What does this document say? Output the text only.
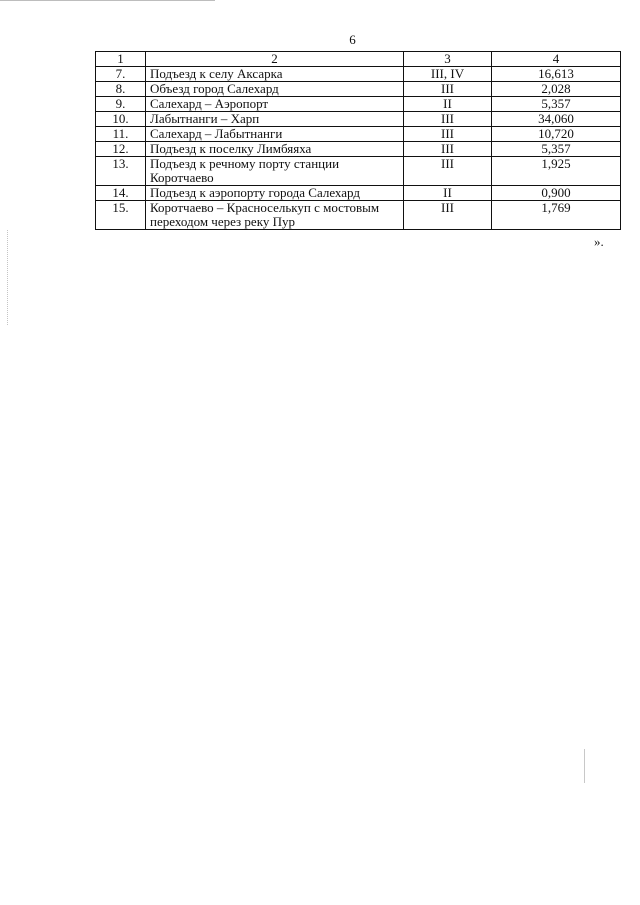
6
1	2	3	4
7.	Подъезд к селу Аксарка	III, IV	16,613
8.	Объезд город Салехард	III	2,028
9.	Салехард – Аэропорт	II	5,357
10.	Лабытнанги – Харп	III	34,060
11.	Салехард – Лабытнанги	III	10,720
12.	Подъезд к поселку Лимбяяха	III	5,357
13.	Подъезд к речному порту станции Коротчаево	III	1,925
14.	Подъезд к аэропорту города Салехард	II	0,900
15.	Коротчаево – Красноселькуп с мостовым переходом через реку Пур	III	1,769
».
